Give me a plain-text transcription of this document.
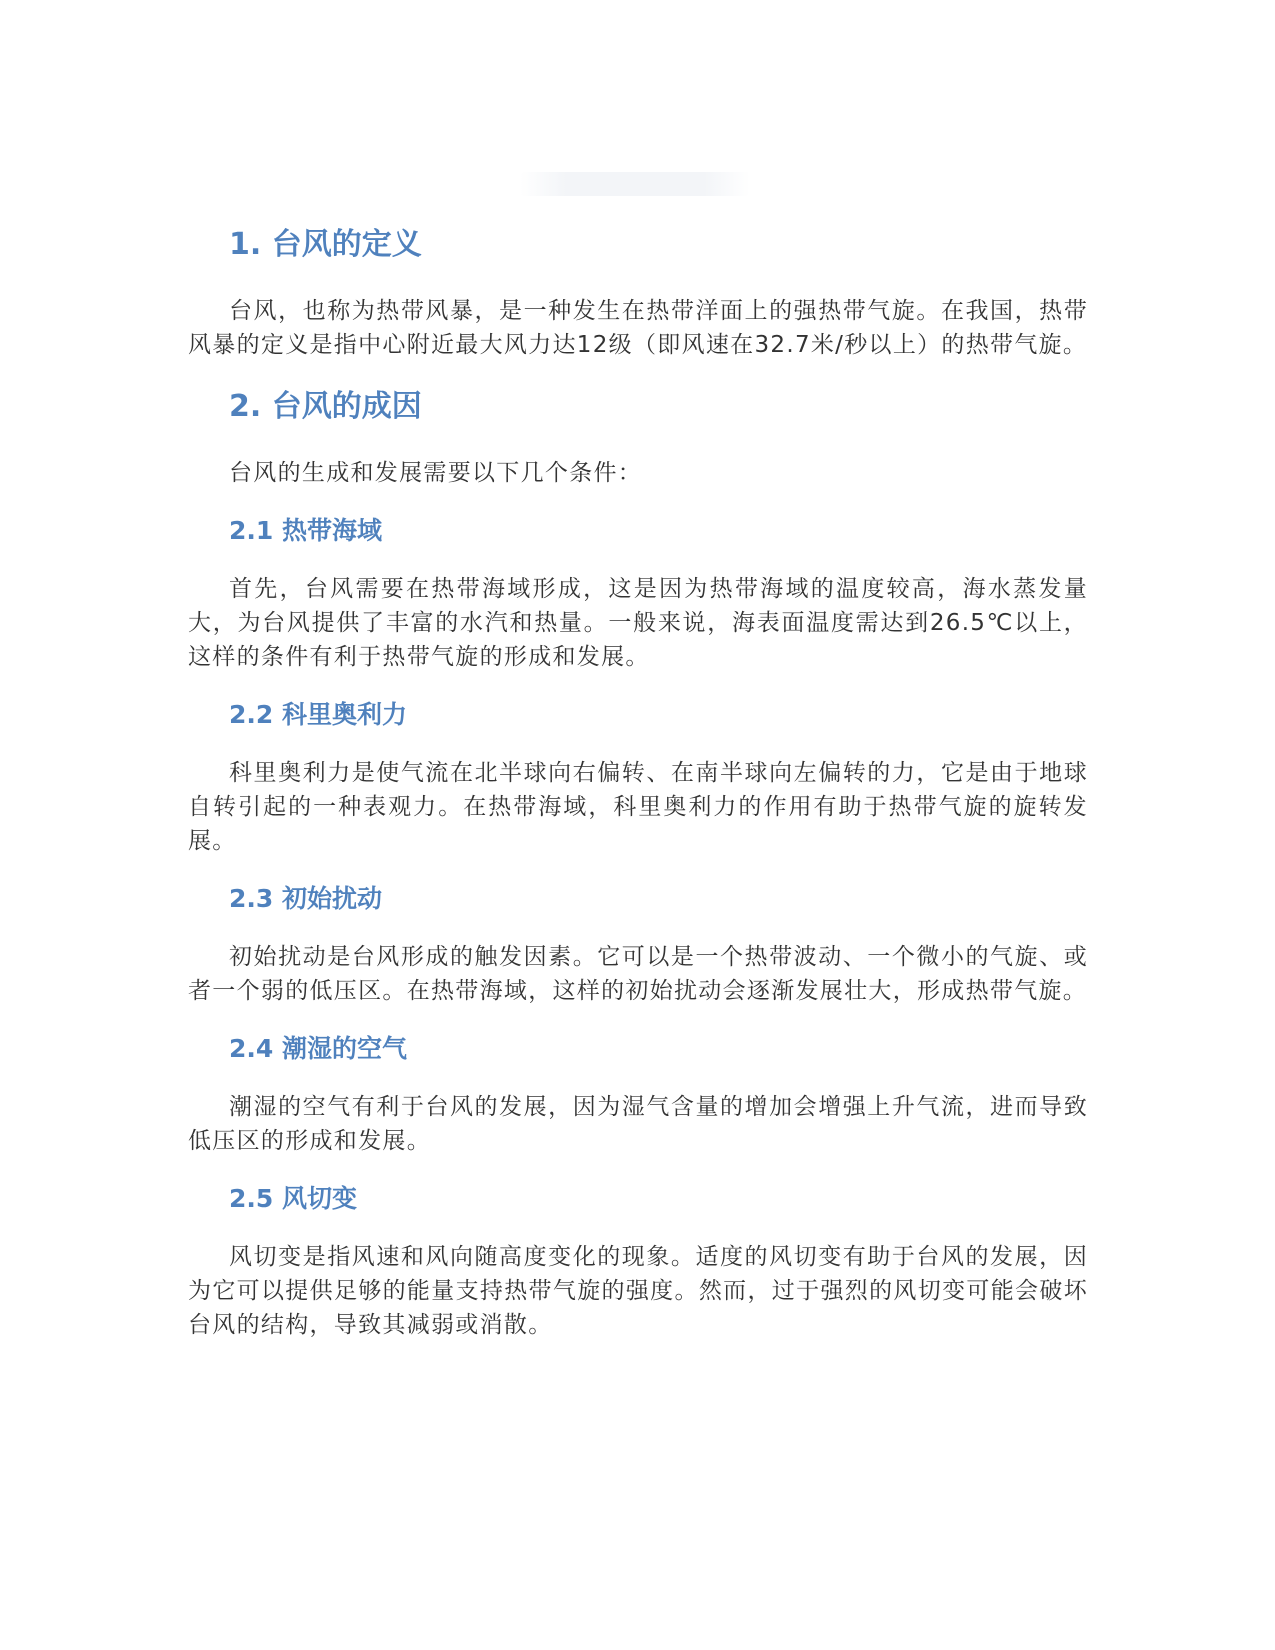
1. 台风的定义

台风，也称为热带风暴，是一种发生在热带洋面上的强热带气旋。在我国，热带风暴的定义是指中心附近最大风力达12级（即风速在32.7米/秒以上）的热带气旋。

2. 台风的成因

台风的生成和发展需要以下几个条件：

2.1 热带海域

首先，台风需要在热带海域形成，这是因为热带海域的温度较高，海水蒸发量大，为台风提供了丰富的水汽和热量。一般来说，海表面温度需达到26.5℃以上，这样的条件有利于热带气旋的形成和发展。

2.2 科里奥利力

科里奥利力是使气流在北半球向右偏转、在南半球向左偏转的力，它是由于地球自转引起的一种表观力。在热带海域，科里奥利力的作用有助于热带气旋的旋转发展。

2.3 初始扰动

初始扰动是台风形成的触发因素。它可以是一个热带波动、一个微小的气旋、或者一个弱的低压区。在热带海域，这样的初始扰动会逐渐发展壮大，形成热带气旋。

2.4 潮湿的空气

潮湿的空气有利于台风的发展，因为湿气含量的增加会增强上升气流，进而导致低压区的形成和发展。

2.5 风切变

风切变是指风速和风向随高度变化的现象。适度的风切变有助于台风的发展，因为它可以提供足够的能量支持热带气旋的强度。然而，过于强烈的风切变可能会破坏台风的结构，导致其减弱或消散。
